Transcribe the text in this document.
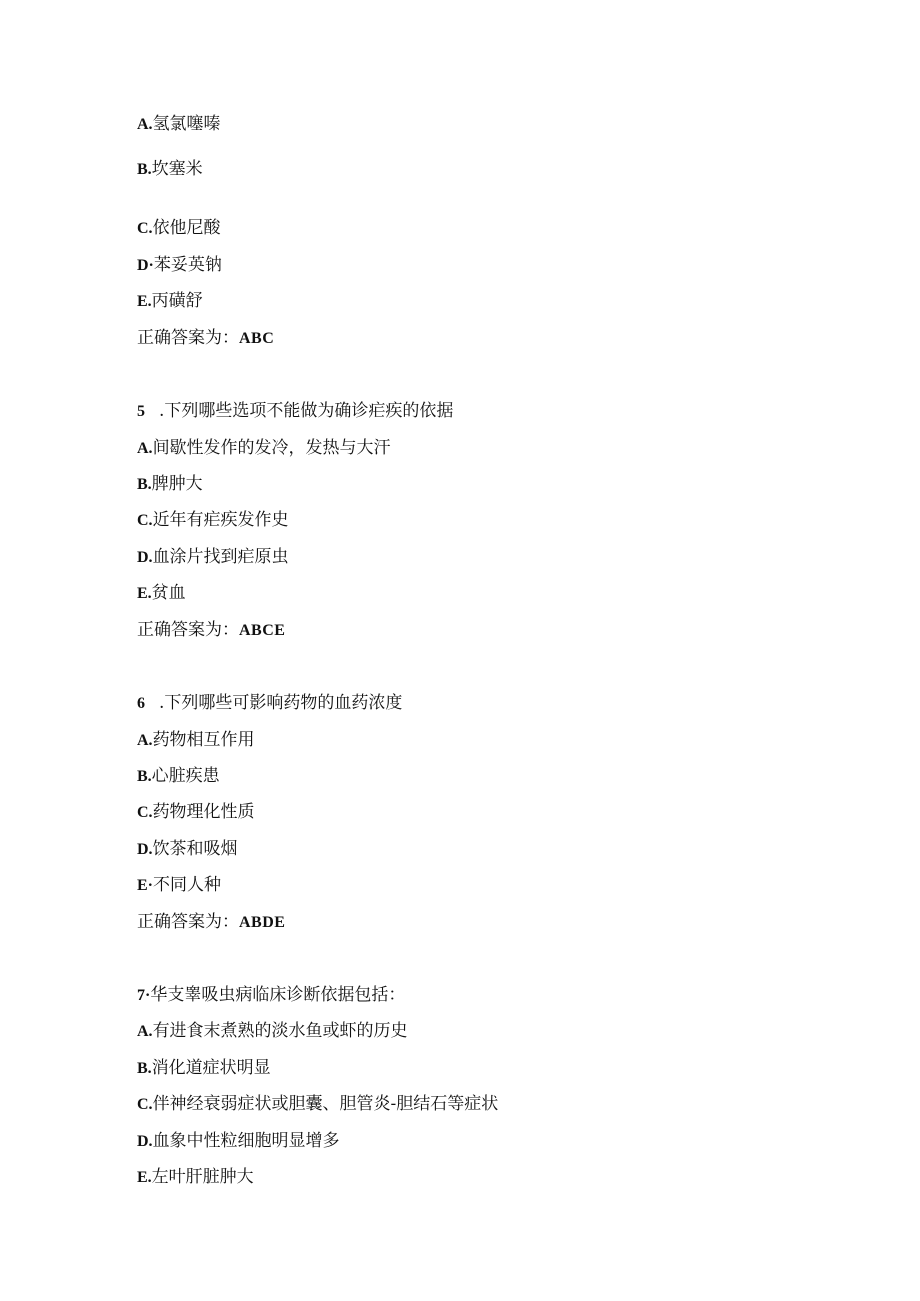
A.氢氯噻嗪
B.坎塞米
C.依他尼酸
D·苯妥英钠
E.丙磺舒
正确答案为：ABC
5 .下列哪些选项不能做为确诊疟疾的依据
A.间歇性发作的发冷，发热与大汗
B.脾肿大
C.近年有疟疾发作史
D.血涂片找到疟原虫
E.贫血
正确答案为：ABCE
6 .下列哪些可影响药物的血药浓度
A.药物相互作用
B.心脏疾患
C.药物理化性质
D.饮茶和吸烟
E·不同人种
正确答案为：ABDE
7·华支睾吸虫病临床诊断依据包括：
A.有进食末煮熟的淡水鱼或虾的历史
B.消化道症状明显
C.伴神经衰弱症状或胆囊、胆管炎-胆结石等症状
D.血象中性粒细胞明显增多
E.左叶肝脏肿大
